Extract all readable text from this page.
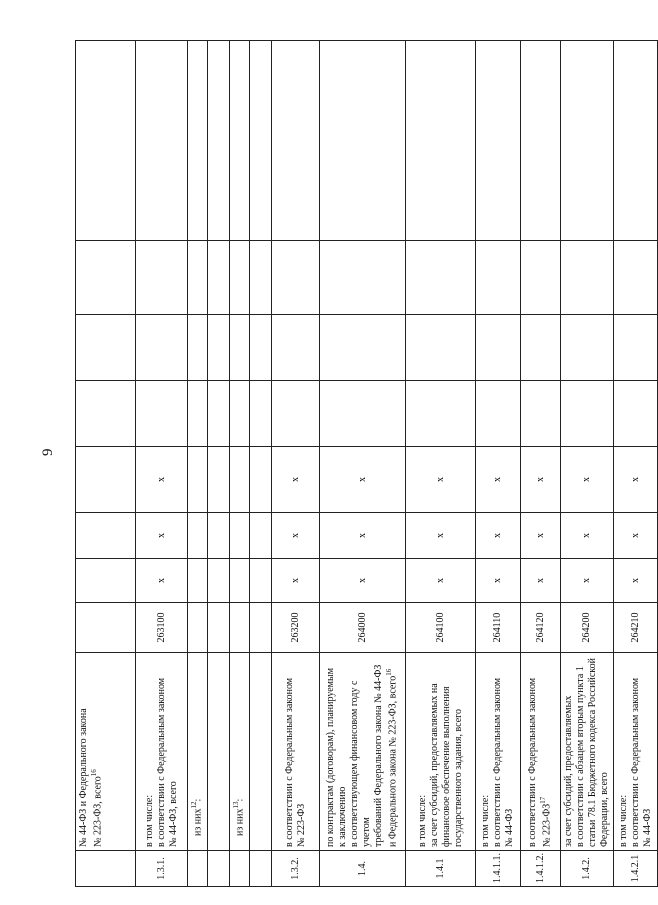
9
	№ 44-ФЗ и Федерального закона № 223-ФЗ, всего$^{16}$								
1.3.1.	в том числе:
в соответствии с Федеральным законом
№ 44-ФЗ, всего	263100	x	x	x				
	из них$^{12}$:								

	из них$^{13}$:								

1.3.2.	в соответствии с Федеральным законом
№ 223-ФЗ	263200	x	x	x				
1.4.	по контрактам (договорам), планируемым
к заключению
в соответствующем финансовом году с учетом
требований Федерального закона № 44-ФЗ и Федерального закона № 223-ФЗ, всего$^{16}$	264000	x	x	x				
1.4.1	в том числе:
за счет субсидий, предоставляемых на
финансовое обеспечение выполнения
государственного задания, всего	264100	x	x	x				
1.4.1.1.	в том числе:
в соответствии с Федеральным законом
№ 44-ФЗ	264110	x	x	x				
1.4.1.2.	в соответствии с Федеральным законом № 223-ФЗ$^{17}$	264120	x	x	x				
1.4.2.	за счет субсидий, предоставляемых
в соответствии с абзацем вторым пункта 1
статьи 78.1 Бюджетного кодекса Российской
Федерации, всего	264200	x	x	x				
1.4.2.1	в том числе:
в соответствии с Федеральным законом
№ 44-ФЗ	264210	x	x	x				
